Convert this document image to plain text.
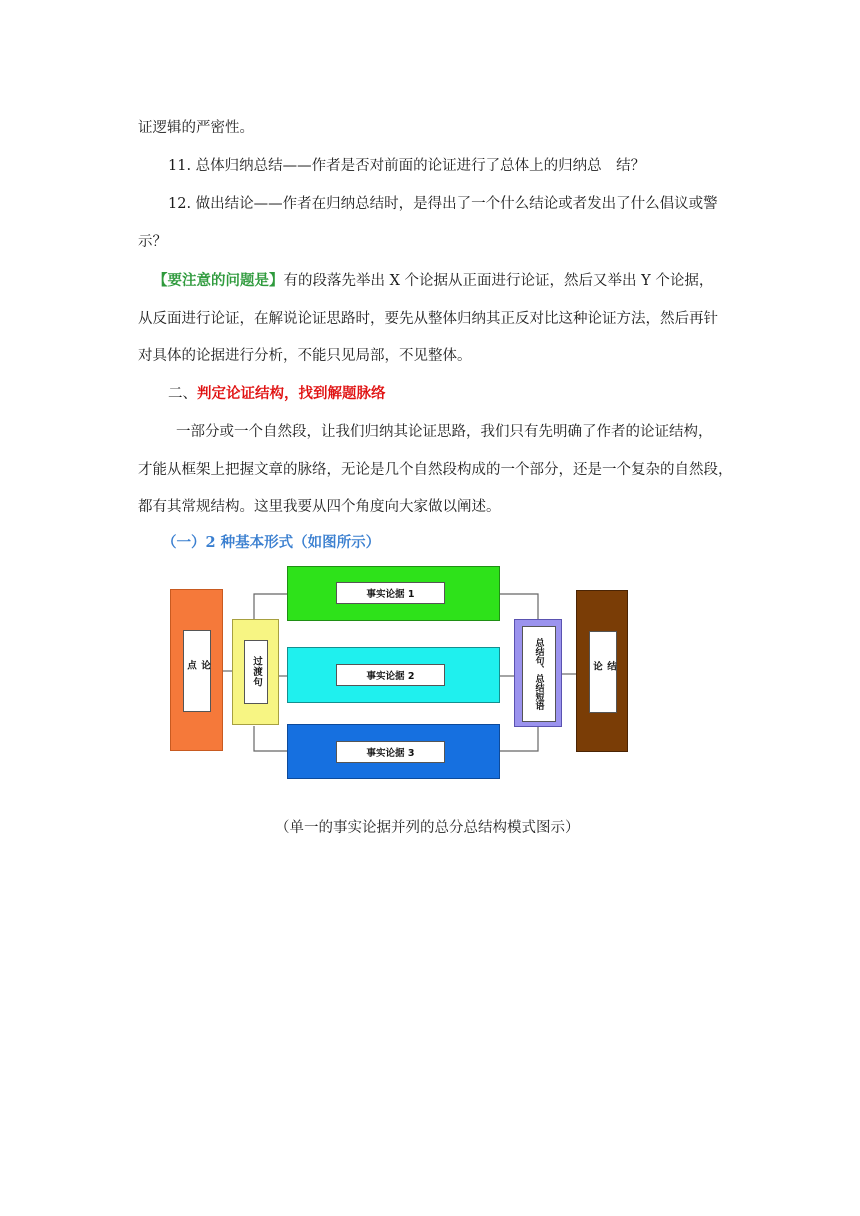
证逻辑的严密性。
11. 总体归纳总结——作者是否对前面的论证进行了总体上的归纳总　结？
12. 做出结论——作者在归纳总结时，是得出了一个什么结论或者发出了什么倡议或警
示？
【要注意的问题是】有的段落先举出 X 个论据从正面进行论证，然后又举出 Y 个论据，
从反面进行论证，在解说论证思路时，要先从整体归纳其正反对比这种论证方法，然后再针
对具体的论据进行分析，不能只见局部，不见整体。
二、判定论证结构，找到解题脉络
一部分或一个自然段，让我们归纳其论证思路，我们只有先明确了作者的论证结构，
才能从框架上把握文章的脉络，无论是几个自然段构成的一个部分，还是一个复杂的自然段，
都有其常规结构。这里我要从四个角度向大家做以阐述。
（一）2 种基本形式（如图所示）
论　　点	过渡句
事实论据 1
事实论据 2
事实论据 3
总结句、总结短语	结　　论
（单一的事实论据并列的总分总结构模式图示）
